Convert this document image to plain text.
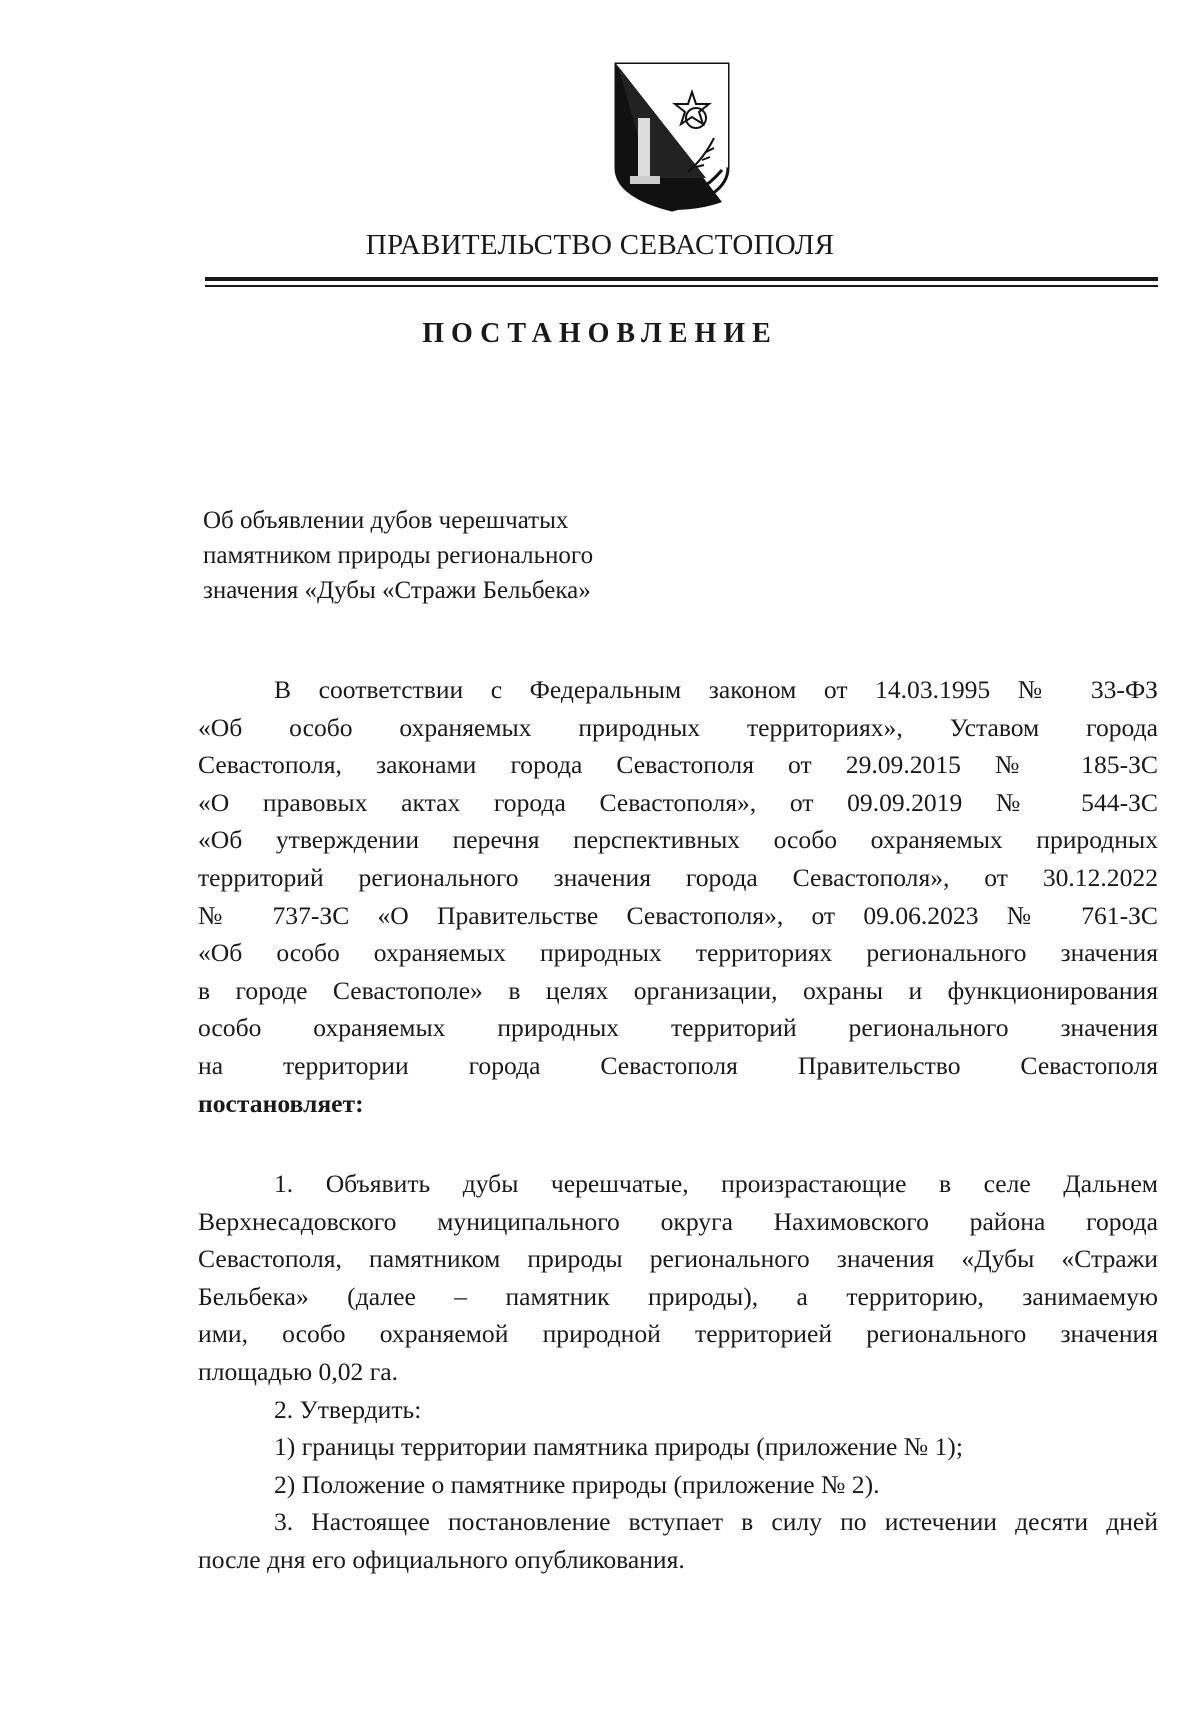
ПРАВИТЕЛЬСТВО СЕВАСТОПОЛЯ
ПОСТАНОВЛЕНИЕ
Об объявлении дубов черешчатых
памятником природы регионального
значения «Дубы «Стражи Бельбека»
В соответствии с Федеральным законом от 14.03.1995 № 33-ФЗ
«Об особо охраняемых природных территориях», Уставом города
Севастополя, законами города Севастополя от 29.09.2015 № 185-ЗС
«О правовых актах города Севастополя», от 09.09.2019 № 544-ЗС
«Об утверждении перечня перспективных особо охраняемых природных
территорий регионального значения города Севастополя», от 30.12.2022
№ 737-ЗС «О Правительстве Севастополя», от 09.06.2023 № 761-ЗС
«Об особо охраняемых природных территориях регионального значения
в городе Севастополе» в целях организации, охраны и функционирования
особо охраняемых природных территорий регионального значения
на территории города Севастополя Правительство Севастополя
постановляет:
1. Объявить дубы черешчатые, произрастающие в селе Дальнем
Верхнесадовского муниципального округа Нахимовского района города
Севастополя, памятником природы регионального значения «Дубы «Стражи
Бельбека» (далее – памятник природы), а территорию, занимаемую
ими, особо охраняемой природной территорией регионального значения
площадью 0,02 га.
2. Утвердить:
1) границы территории памятника природы (приложение № 1);
2) Положение о памятнике природы (приложение № 2).
3. Настоящее постановление вступает в силу по истечении десяти дней
после дня его официального опубликования.
